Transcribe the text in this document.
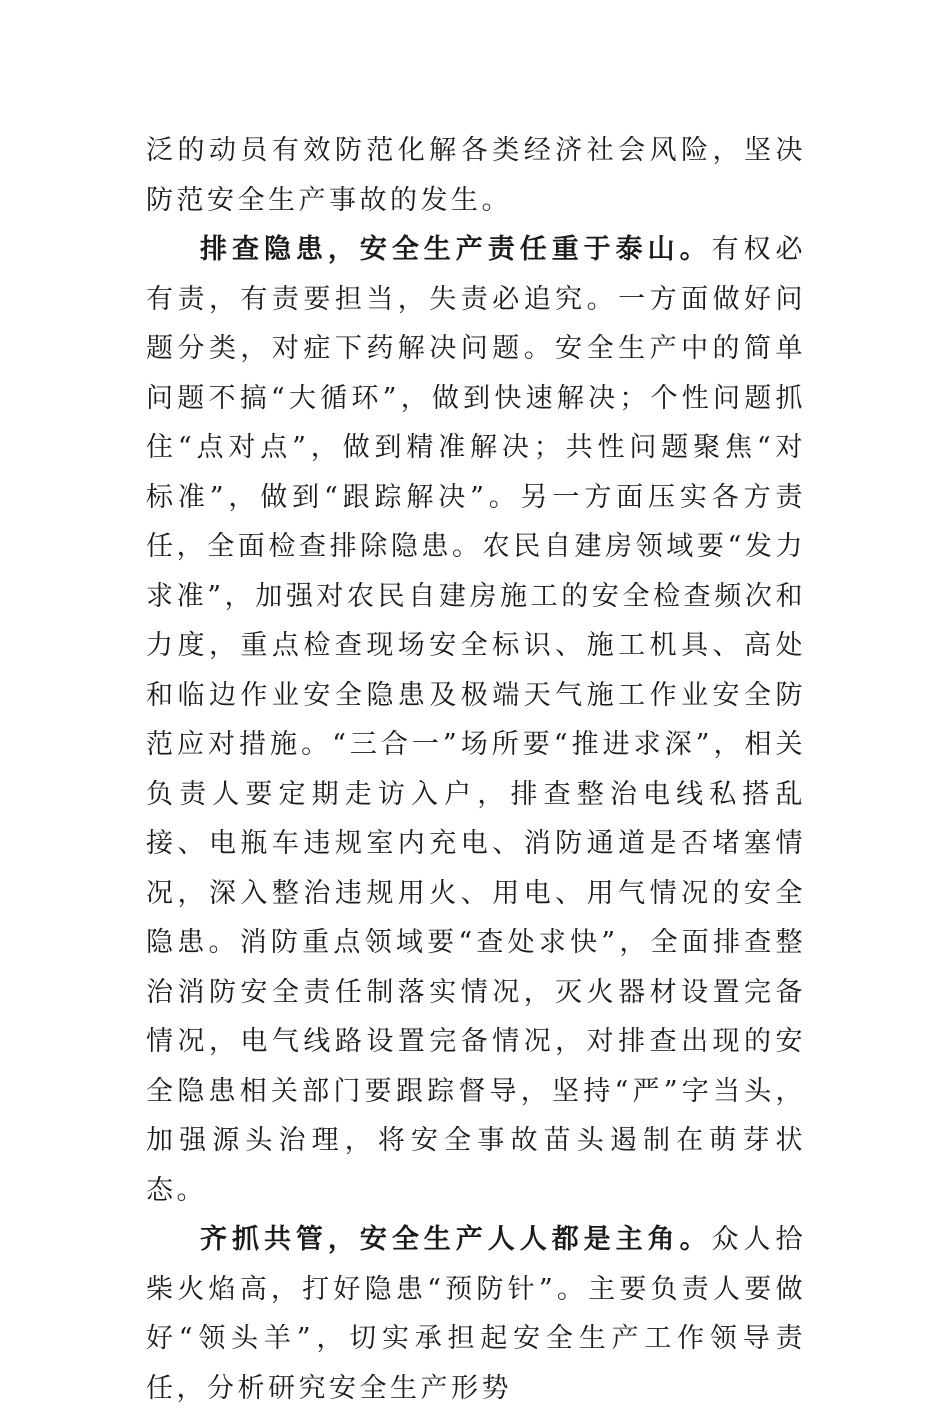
泛的动员有效防范化解各类经济社会风险，坚决防范安全生产事故的发生。

排查隐患，安全生产责任重于泰山。有权必有责，有责要担当，失责必追究。一方面做好问题分类，对症下药解决问题。安全生产中的简单问题不搞“大循环”，做到快速解决；个性问题抓住“点对点”，做到精准解决；共性问题聚焦“对标准”，做到“跟踪解决”。另一方面压实各方责任，全面检查排除隐患。农民自建房领域要“发力求准”，加强对农民自建房施工的安全检查频次和力度，重点检查现场安全标识、施工机具、高处和临边作业安全隐患及极端天气施工作业安全防范应对措施。“三合一”场所要“推进求深”，相关负责人要定期走访入户，排查整治电线私搭乱接、电瓶车违规室内充电、消防通道是否堵塞情况，深入整治违规用火、用电、用气情况的安全隐患。消防重点领域要“查处求快”，全面排查整治消防安全责任制落实情况，灭火器材设置完备情况，电气线路设置完备情况，对排查出现的安全隐患相关部门要跟踪督导，坚持“严”字当头，加强源头治理，将安全事故苗头遏制在萌芽状态。

齐抓共管，安全生产人人都是主角。众人拾柴火焰高，打好隐患“预防针”。主要负责人要做好“领头羊”，切实承担起安全生产工作领导责任，分析研究安全生产形势
